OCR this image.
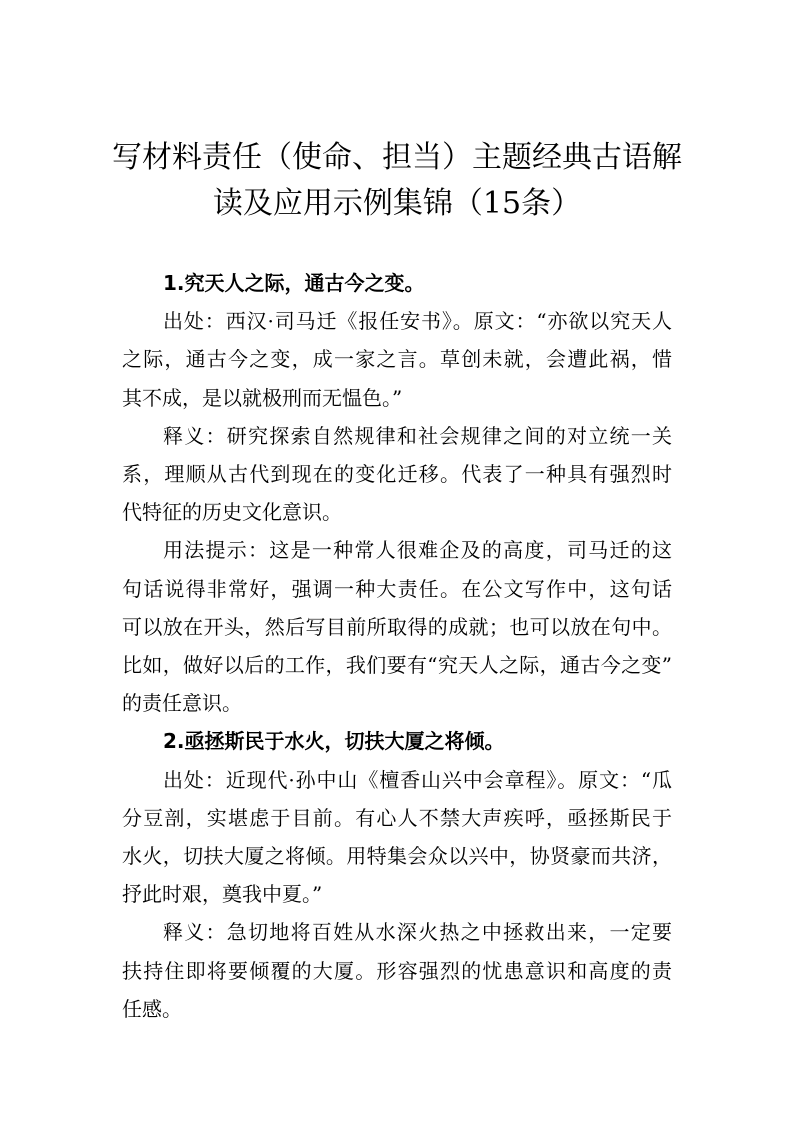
写材料责任（使命、担当）主题经典古语解
读及应用示例集锦（15条）
1.究天人之际，通古今之变。
出处：西汉·司马迁《报任安书》。原文：“亦欲以究天人
之际，通古今之变，成一家之言。草创未就，会遭此祸，惜
其不成，是以就极刑而无愠色。”
释义：研究探索自然规律和社会规律之间的对立统一关
系，理顺从古代到现在的变化迁移。代表了一种具有强烈时
代特征的历史文化意识。
用法提示：这是一种常人很难企及的高度，司马迁的这
句话说得非常好，强调一种大责任。在公文写作中，这句话
可以放在开头，然后写目前所取得的成就；也可以放在句中。
比如，做好以后的工作，我们要有“究天人之际，通古今之变”
的责任意识。
2.亟拯斯民于水火，切扶大厦之将倾。
出处：近现代·孙中山《檀香山兴中会章程》。原文：“瓜
分豆剖，实堪虑于目前。有心人不禁大声疾呼，亟拯斯民于
水火，切扶大厦之将倾。用特集会众以兴中，协贤豪而共济，
抒此时艰，奠我中夏。”
释义：急切地将百姓从水深火热之中拯救出来，一定要
扶持住即将要倾覆的大厦。形容强烈的忧患意识和高度的责
任感。
